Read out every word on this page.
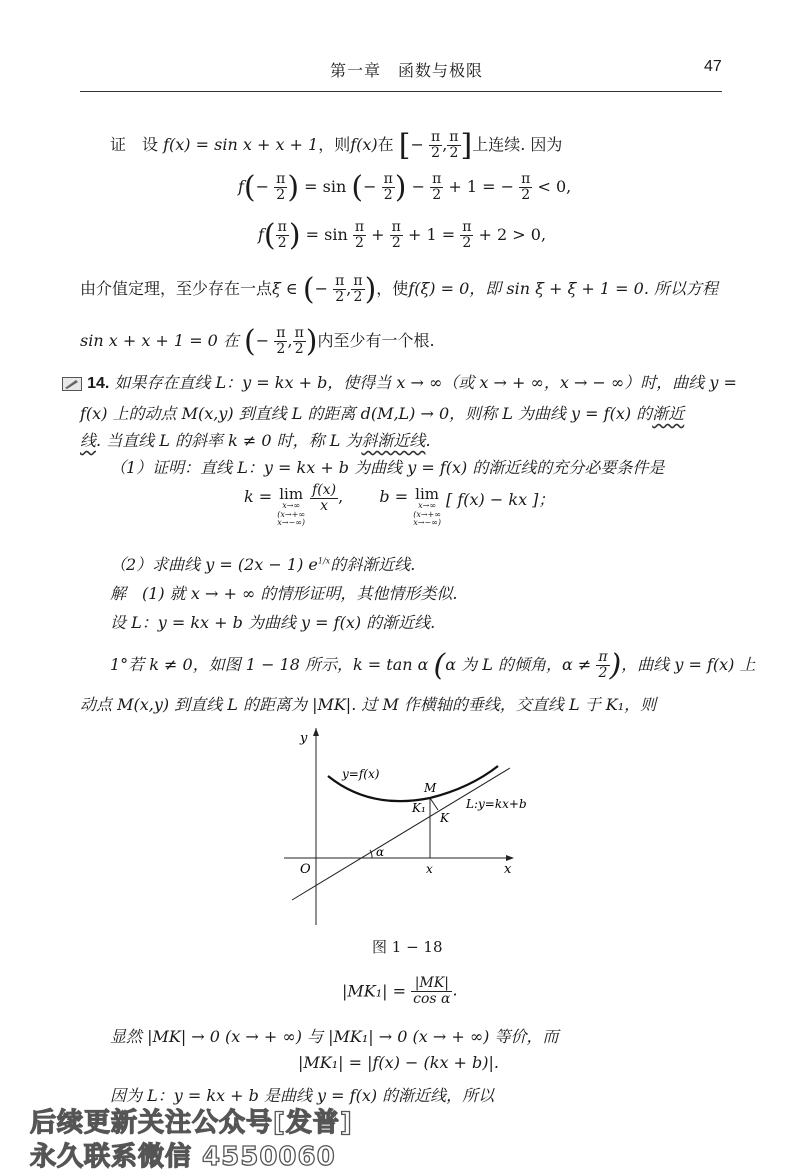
第一章　函数与极限	47
证　设 f(x) = sin x + x + 1，则f(x)在 [− $\frac{\pi}{2}$ , $\frac{\pi}{2}$ ]上连续. 因为
$f(- \frac{\pi}{2}$ ) = sin (− $\frac{\pi}{2}$ ) − $\frac{\pi}{2} + 1$ = − $\frac{\pi}{2} < 0$,
$f( \frac{\pi}{2}$ ) = $\sin \frac{\pi}{2} + \frac{\pi}{2} + 1 = \frac{\pi}{2} + 2 > 0$,
由介值定理，至少存在一点ξ ∈ (− $\frac{\pi}{2}$ , $\frac{\pi}{2}$ )，使f(ξ) = 0，即 sin ξ + ξ + 1 = 0. 所以方程
sin x + x + 1 = 0 在 (− $\frac{\pi}{2}$ , $\frac{\pi}{2}$ )内至少有一个根.
14. 如果存在直线 L：y = kx + b，使得当 x → ∞（或 x → + ∞，x → − ∞）时，曲线 y =
f(x) 上的动点 M(x,y) 到直线 L 的距离 d(M,L) → 0，则称 L 为曲线 y = f(x) 的渐近
线. 当直线 L 的斜率 k ≠ 0 时，称 L 为斜渐近线.
（1）证明：直线 L：y = kx + b 为曲线 y = f(x) 的渐近线的充分必要条件是
k = lim
x→∞
(x→+∞
x→−∞)

$\frac{f(x)}{x}$ , b = lim
x→∞
(x→+∞
x→−∞)
[ f(x) − kx ]；
（2）求曲线 y = (2x − 1) $e^{1/x}$的斜渐近线.
解　(1) 就 x → + ∞ 的情形证明，其他情形类似.
设 L：y = kx + b 为曲线 y = f(x) 的渐近线.
1°若 k ≠ 0，如图 1 − 18 所示，k = tan α (α 为 L 的倾角，$\alpha \ne \frac{\pi}{2}$ )，曲线 y = f(x) 上
动点 M(x,y) 到直线 L 的距离为 |MK|. 过 M 作横轴的垂线，交直线 L 于 K₁，则
y
x
O
y=f(x)
M
K₁
K
L:y=kx+b
α
x
图 1 − 18
$|MK_1| = \frac{|MK|}{\text{cos α}}$ .
显然 |MK| → 0 (x → + ∞) 与 |MK₁| → 0 (x → + ∞) 等价，而
|MK₁| = |f(x) − (kx + b)|.
因为 L：y = kx + b 是曲线 y = f(x) 的渐近线，所以
后续更新关注公众号[发普]
永久联系微信 4550060
